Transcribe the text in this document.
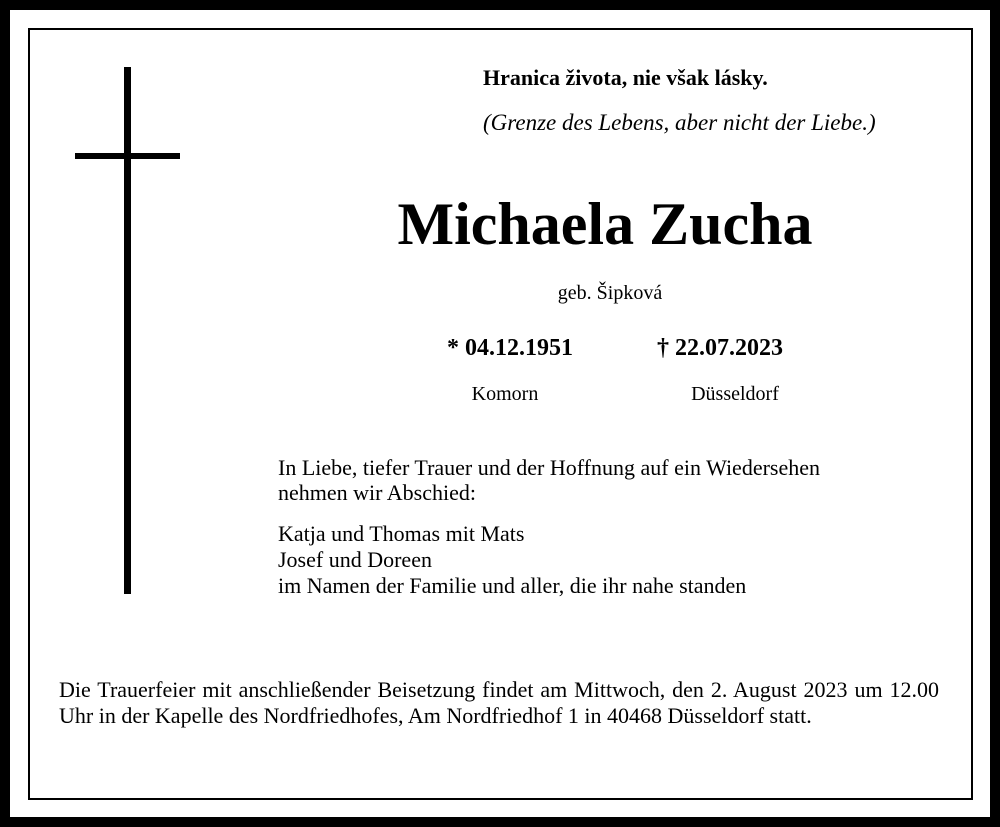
Hranica života, nie však lásky.
(Grenze des Lebens, aber nicht der Liebe.)
Michaela Zucha
geb. Šipková
* 04.12.1951	† 22.07.2023
Komorn	Düsseldorf
In Liebe, tiefer Trauer und der Hoffnung auf ein Wiedersehen
nehmen wir Abschied:
Katja und Thomas mit Mats
Josef und Doreen
im Namen der Familie und aller, die ihr nahe standen
Die Trauerfeier mit anschließender Beisetzung findet am Mittwoch, den 2. August 2023 um 12.00 Uhr in der Kapelle des Nordfriedhofes, Am Nordfriedhof 1 in 40468 Düsseldorf statt.
